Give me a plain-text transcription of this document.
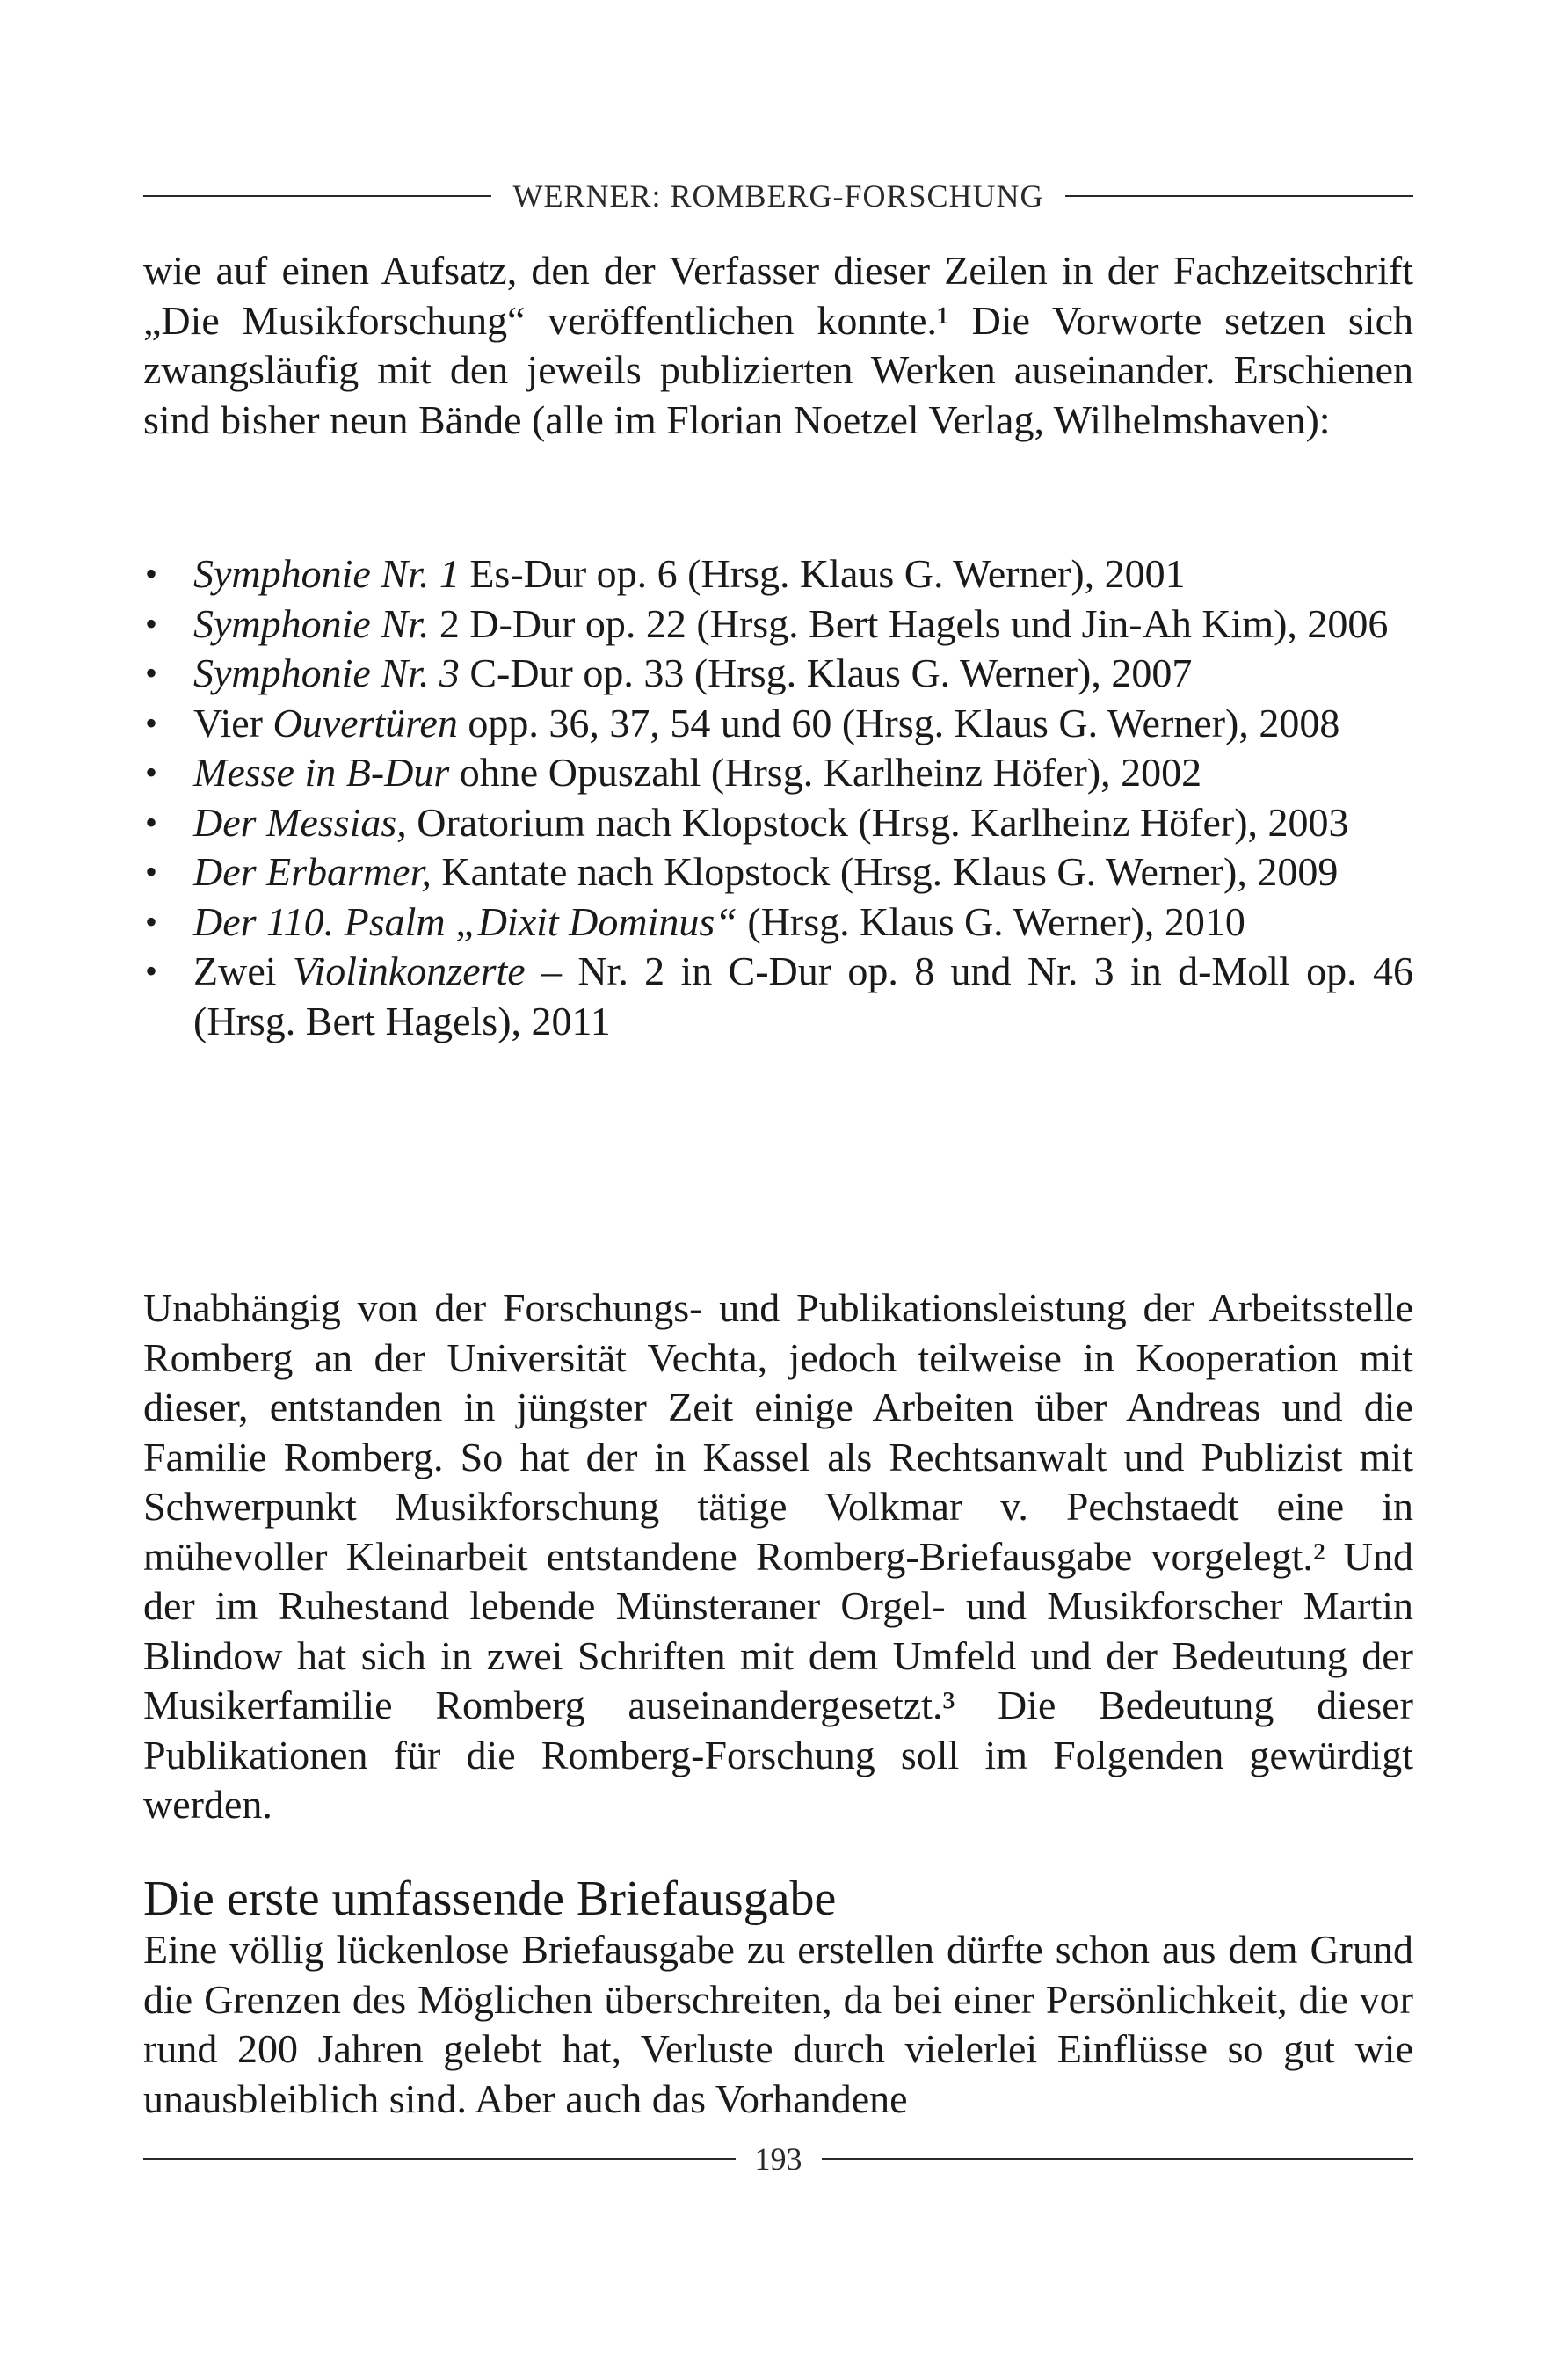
WERNER: ROMBERG-FORSCHUNG

wie auf einen Aufsatz, den der Verfasser dieser Zeilen in der Fachzeitschrift „Die Musikforschung“ veröffentlichen konnte.¹ Die Vorworte setzen sich zwangsläufig mit den jeweils publizierten Werken auseinander. Erschienen sind bisher neun Bände (alle im Florian Noetzel Verlag, Wilhelmshaven):

• Symphonie Nr. 1 Es-Dur op. 6 (Hrsg. Klaus G. Werner), 2001
• Symphonie Nr. 2 D-Dur op. 22 (Hrsg. Bert Hagels und Jin-Ah Kim), 2006
• Symphonie Nr. 3 C-Dur op. 33 (Hrsg. Klaus G. Werner), 2007
• Vier Ouvertüren opp. 36, 37, 54 und 60 (Hrsg. Klaus G. Werner), 2008
• Messe in B-Dur ohne Opuszahl (Hrsg. Karlheinz Höfer), 2002
• Der Messias, Oratorium nach Klopstock (Hrsg. Karlheinz Höfer), 2003
• Der Erbarmer, Kantate nach Klopstock (Hrsg. Klaus G. Werner), 2009
• Der 110. Psalm „Dixit Dominus“ (Hrsg. Klaus G. Werner), 2010
• Zwei Violinkonzerte – Nr. 2 in C-Dur op. 8 und Nr. 3 in d-Moll op. 46 (Hrsg. Bert Hagels), 2011

Unabhängig von der Forschungs- und Publikationsleistung der Arbeitsstelle Romberg an der Universität Vechta, jedoch teilweise in Kooperation mit dieser, entstanden in jüngster Zeit einige Arbeiten über Andreas und die Familie Romberg. So hat der in Kassel als Rechtsanwalt und Publizist mit Schwerpunkt Musikforschung tätige Volkmar v. Pechstaedt eine in mühevoller Kleinarbeit entstandene Romberg-Briefausgabe vorgelegt.² Und der im Ruhestand lebende Münsteraner Orgel- und Musikforscher Martin Blindow hat sich in zwei Schriften mit dem Umfeld und der Bedeutung der Musikerfamilie Romberg auseinandergesetzt.³ Die Bedeutung dieser Publikationen für die Romberg-Forschung soll im Folgenden gewürdigt werden.

Die erste umfassende Briefausgabe

Eine völlig lückenlose Briefausgabe zu erstellen dürfte schon aus dem Grund die Grenzen des Möglichen überschreiten, da bei einer Persönlichkeit, die vor rund 200 Jahren gelebt hat, Verluste durch vielerlei Einflüsse so gut wie unausbleiblich sind. Aber auch das Vorhandene

193
